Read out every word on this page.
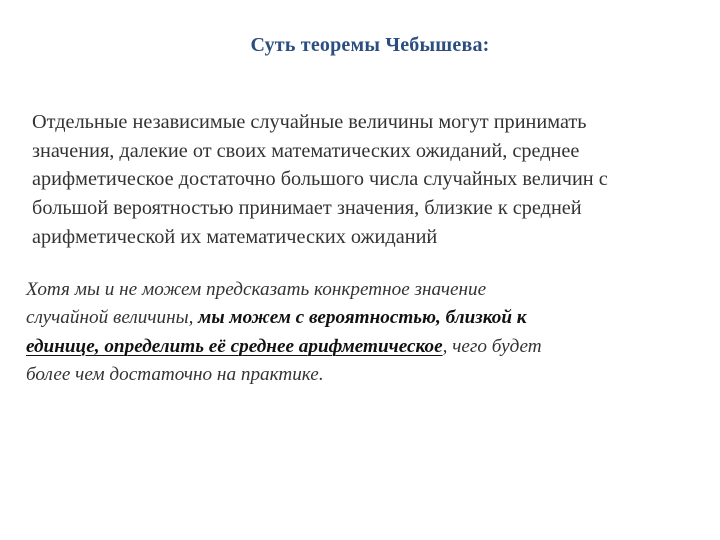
Суть теоремы Чебышева:
Отдельные независимые случайные величины могут принимать
значения, далекие от своих математических ожиданий, среднее
арифметическое достаточно большого числа случайных величин с
большой вероятностью принимает значения, близкие к средней
арифметической их математических ожиданий
Хотя мы и не можем предсказать конкретное значение
случайной величины, мы можем с вероятностью, близкой к
единице, определить её среднее арифметическое, чего будет
более чем достаточно на практике.
